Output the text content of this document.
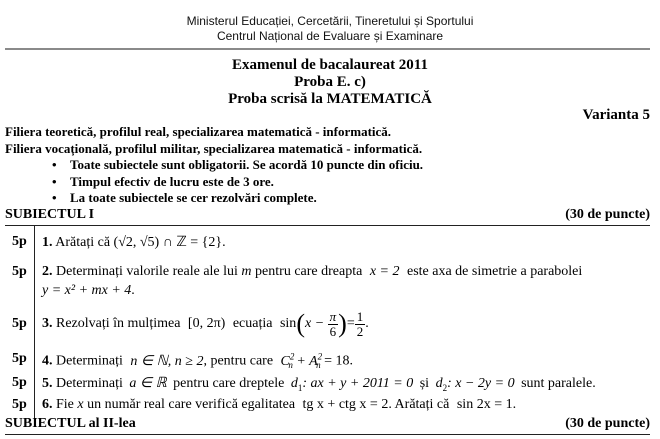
Ministerul Educației, Cercetării, Tineretului și Sportului
Centrul Național de Evaluare și Examinare
Examenul de bacalaureat 2011
Proba E. c)
Proba scrisă la MATEMATICĂ
Varianta 5
Filiera teoretică, profilul real, specializarea matematică - informatică.
Filiera vocațională, profilul militar, specializarea matematică - informatică.
• Toate subiectele sunt obligatorii. Se acordă 10 puncte din oficiu.
• Timpul efectiv de lucru este de 3 ore.
• La toate subiectele se cer rezolvări complete.
SUBIECTUL I	(30 de puncte)
5p 1. Arătați că (√2, √5) ∩ ℤ = {2}.
5p 2. Determinați valorile reale ale lui m pentru care dreapta x = 2 este axa de simetrie a parabolei
y = x² + mx + 4.
5p 3. Rezolvați în mulțimea [0, 2π) ecuația $\sin(x - \frac{\pi}{6}$ )= $\frac{1}{2}$ .
5p 4. Determinați n ∈ ℕ, n ≥ 2, pentru care $C^2_n + A^2_n = 18$.
5p 5. Determinați a ∈ ℝ pentru care dreptele $d_1$: ax + y + 2011 = 0 și $d_2$: x − 2y = 0 sunt paralele.
5p 6. Fie x un număr real care verifică egalitatea tg x + ctg x = 2. Arătați că sin 2x = 1.
SUBIECTUL al II-lea	(30 de puncte)
